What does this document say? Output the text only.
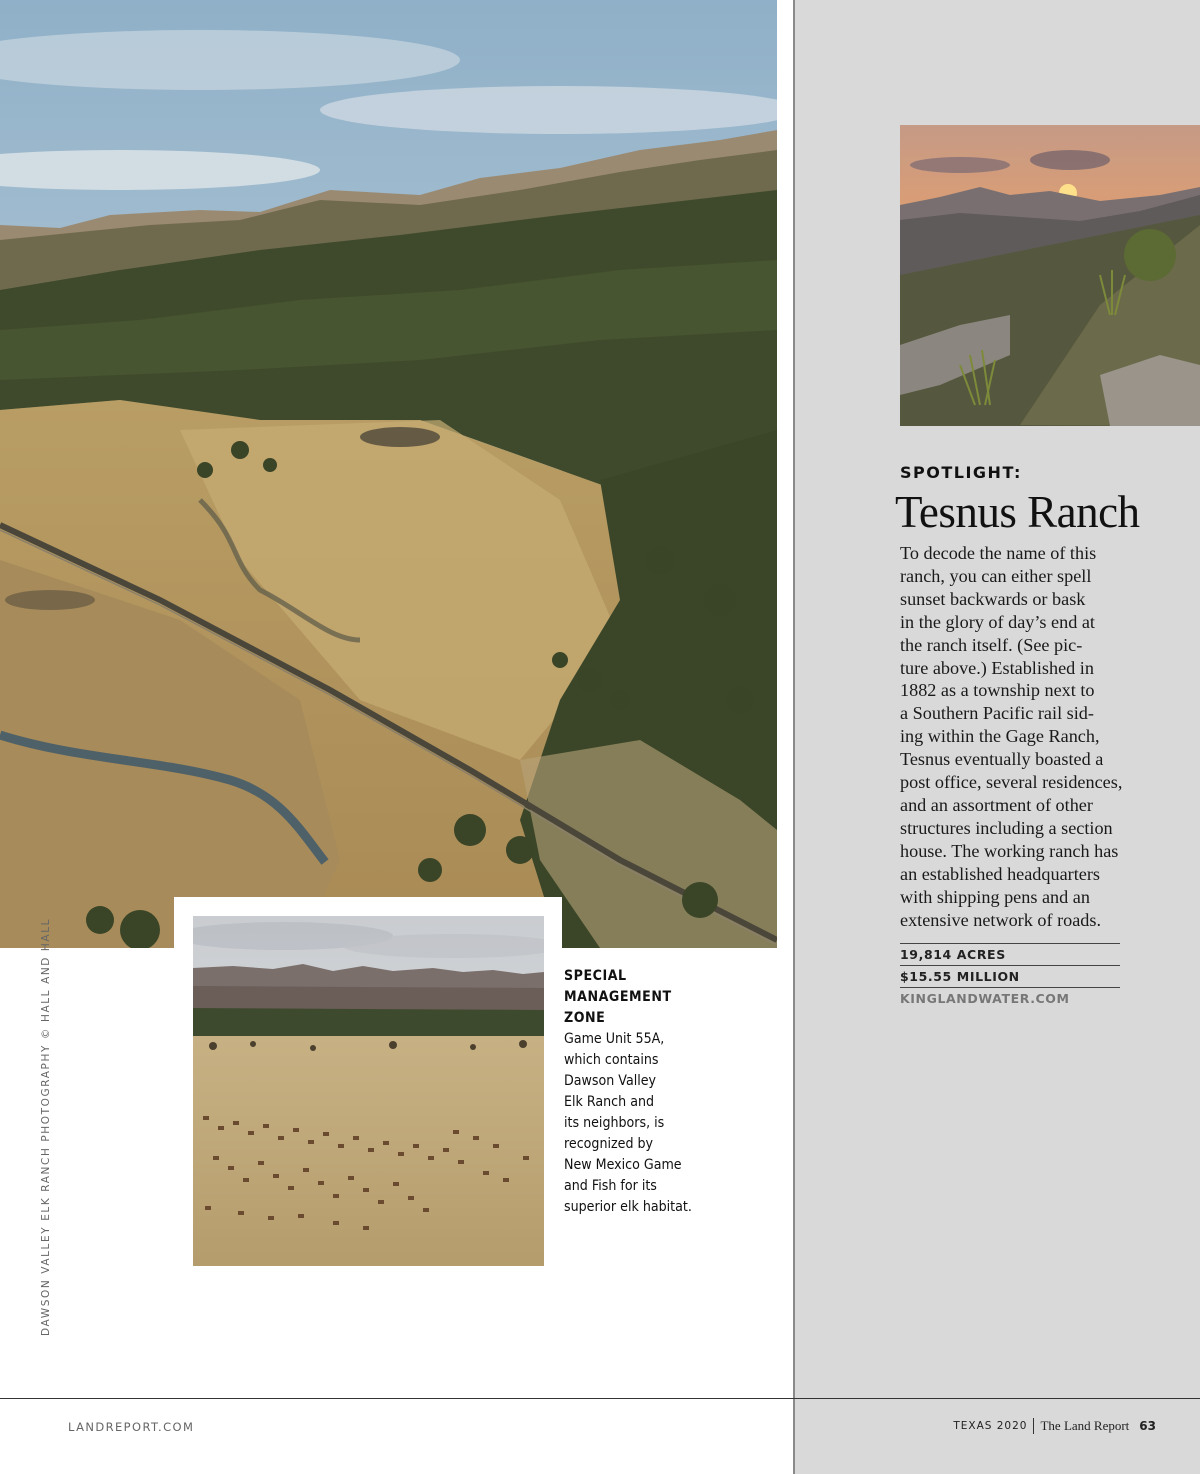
SPOTLIGHT:
Tesnus Ranch
To decode the name of this
ranch, you can either spell
sunset backwards or bask
in the glory of day’s end at
the ranch itself. (See pic-
ture above.) Established in
1882 as a township next to
a Southern Pacific rail sid-
ing within the Gage Ranch,
Tesnus eventually boasted a
post office, several residences,
and an assortment of other
structures including a section
house. The working ranch has
an established headquarters
with shipping pens and an
extensive network of roads.
19,814 ACRES
$15.55 MILLION
KINGLANDWATER.COM
SPECIAL
MANAGEMENT
ZONE
Game Unit 55A,
which contains
Dawson Valley
Elk Ranch and
its neighbors, is
recognized by
New Mexico Game
and Fish for its
superior elk habitat.
DAWSON VALLEY ELK RANCH PHOTOGRAPHY © HALL AND HALL
LANDREPORT.COM	TEXAS 2020 The Land Report 63
